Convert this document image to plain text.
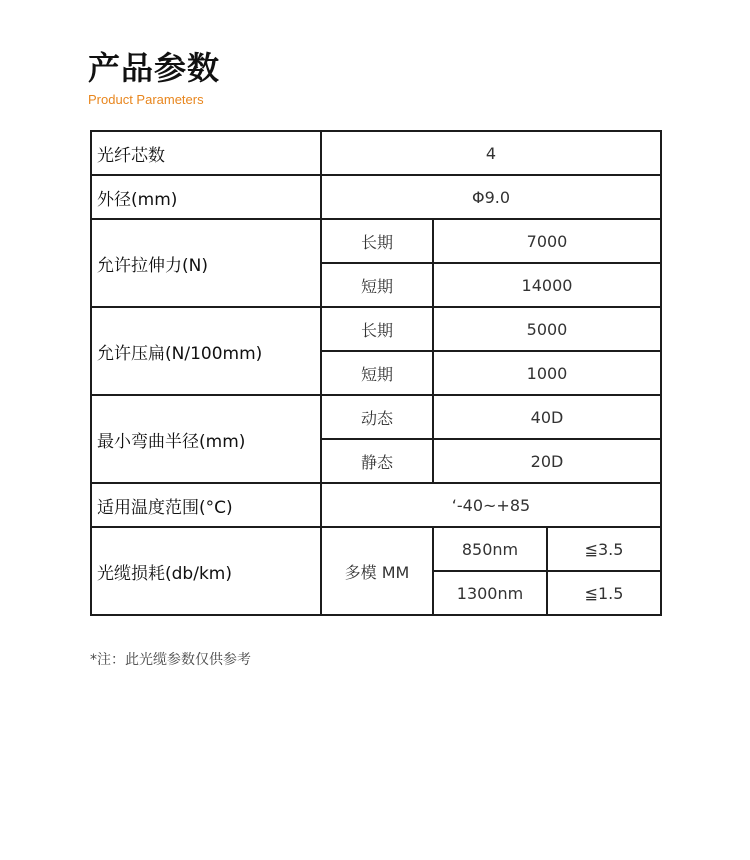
产品参数
Product Parameters
光纤芯数	4		
外径(mm)	Φ9.0		
允许拉伸力(N)	长期	7000	
	短期	14000	
允许压扁(N/100mm)	长期	5000	
	短期	1000	
最小弯曲半径(mm)	动态	40D	
	静态	20D	
适用温度范围(°C)	‘-40~+85		
光缆损耗(db/km)	多模 MM	850nm	≦3.5
		1300nm	≦1.5
*注：此光缆参数仅供参考
